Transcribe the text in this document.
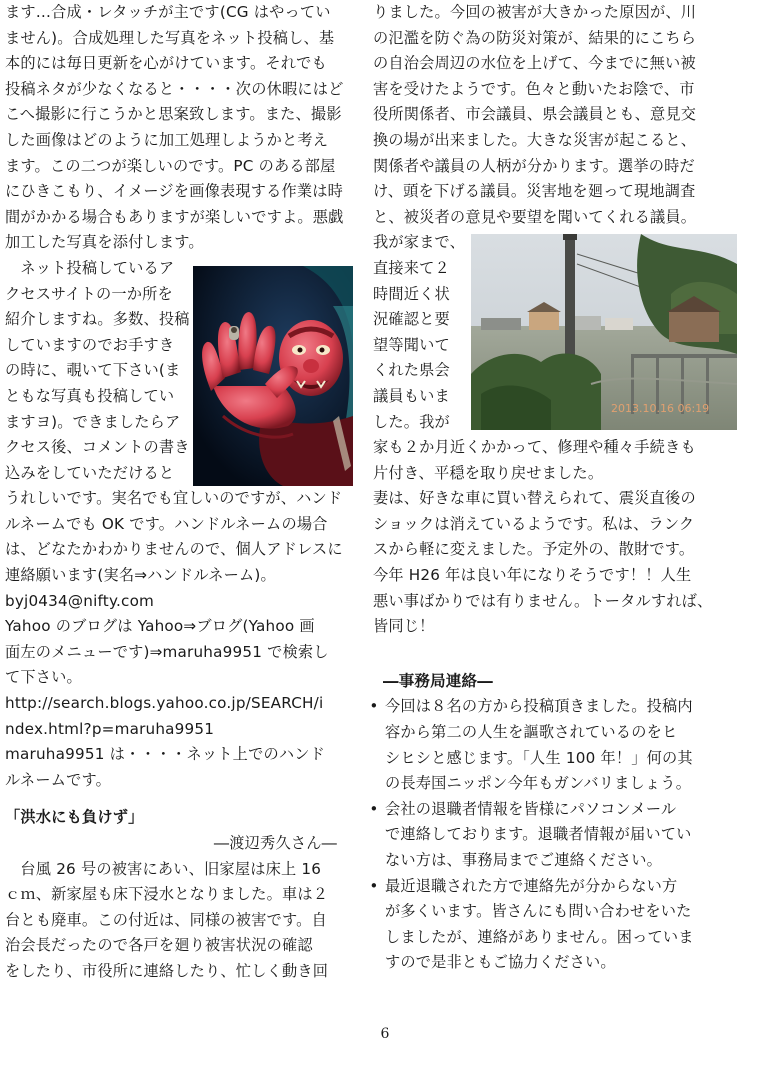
ます…合成・レタッチが主です(CG はやってい
ません)。合成処理した写真をネット投稿し、基
本的には毎日更新を心がけています。それでも
投稿ネタが少なくなると・・・・次の休暇にはど
こへ撮影に行こうかと思案致します。また、撮影
した画像はどのように加工処理しようかと考え
ます。この二つが楽しいのです。PC のある部屋
にひきこもり、イメージを画像表現する作業は時
間がかかる場合もありますが楽しいですよ。悪戯
加工した写真を添付します。
　ネット投稿しているア
クセスサイトの一か所を
紹介しますね。多数、投稿
していますのでお手すき
の時に、覗いて下さい(ま
ともな写真も投稿してい
ますヨ)。できましたらア
クセス後、コメントの書き
込みをしていただけると
うれしいです。実名でも宜しいのですが、ハンド
ルネームでも OK です。ハンドルネームの場合
は、どなたかわかりませんので、個人アドレスに
連絡願います(実名⇒ハンドルネーム)。
byj0434@nifty.com
Yahoo のブログは Yahoo⇒ブログ(Yahoo 画
面左のメニューです)⇒maruha9951 で検索し
て下さい。
http://search.blogs.yahoo.co.jp/SEARCH/i
ndex.html?p=maruha9951
maruha9951 は・・・・ネット上でのハンド
ルネームです。
「洪水にも負けず」
―渡辺秀久さん―
　台風 26 号の被害にあい、旧家屋は床上 16
ｃｍ、新家屋も床下浸水となりました。車は２
台とも廃車。この付近は、同様の被害です。自
治会長だったので各戸を廻り被害状況の確認
をしたり、市役所に連絡したり、忙しく動き回
りました。今回の被害が大きかった原因が、川
の氾濫を防ぐ為の防災対策が、結果的にこちら
の自治会周辺の水位を上げて、今までに無い被
害を受けたようです。色々と動いたお陰で、市
役所関係者、市会議員、県会議員とも、意見交
換の場が出来ました。大きな災害が起こると、
関係者や議員の人柄が分かります。選挙の時だ
け、頭を下げる議員。災害地を廻って現地調査
と、被災者の意見や要望を聞いてくれる議員。
我が家まで、
直接来て２
時間近く状
況確認と要
望等聞いて
くれた県会
議員もいま
した。我が
家も２か月近くかかって、修理や種々手続きも
片付き、平穏を取り戻せました。
妻は、好きな車に買い替えられて、震災直後の
ショックは消えているようです。私は、ランク
スから軽に変えました。予定外の、散財です。
今年 H26 年は良い年になりそうです！！人生
悪い事ばかりでは有りません。トータルすれば、
皆同じ！
―事務局連絡―
• 今回は８名の方から投稿頂きました。投稿内
容から第二の人生を謳歌されているのをヒ
シヒシと感じます。「人生 100 年！」何の其
の長寿国ニッポン今年もガンバリましょう。
• 会社の退職者情報を皆様にパソコンメール
で連絡しております。退職者情報が届いてい
ない方は、事務局までご連絡ください。
• 最近退職された方で連絡先が分からない方
が多くいます。皆さんにも問い合わせをいた
しましたが、連絡がありません。困っていま
すので是非ともご協力ください。
2013.10.16 06:19
6
